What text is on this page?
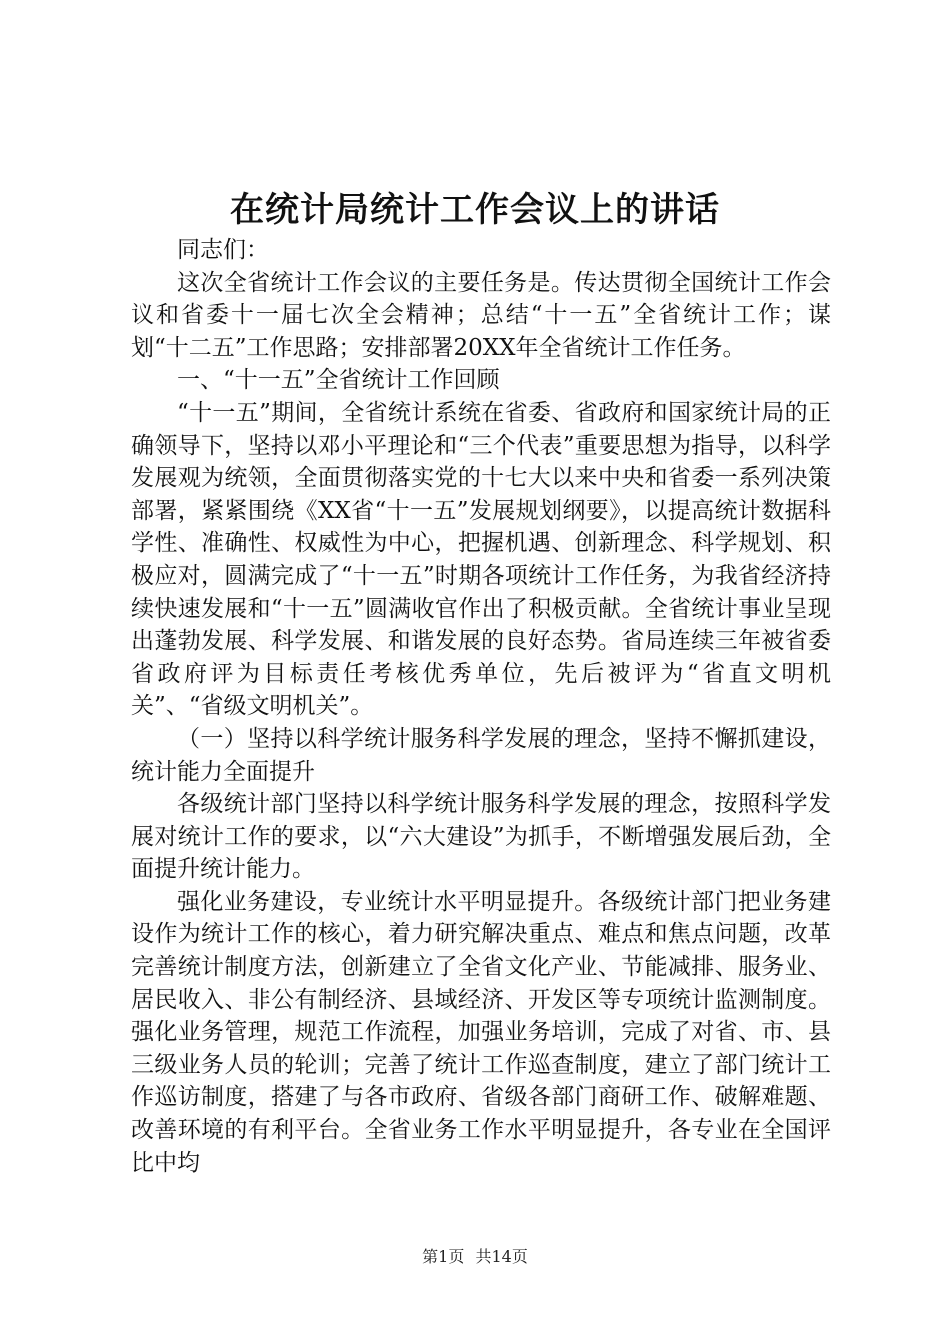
在统计局统计工作会议上的讲话

同志们：

这次全省统计工作会议的主要任务是。传达贯彻全国统计工作会议和省委十一届七次全会精神；总结“十一五”全省统计工作；谋划“十二五”工作思路；安排部署20XX年全省统计工作任务。

一、“十一五”全省统计工作回顾

“十一五”期间，全省统计系统在省委、省政府和国家统计局的正确领导下，坚持以邓小平理论和“三个代表”重要思想为指导，以科学发展观为统领，全面贯彻落实党的十七大以来中央和省委一系列决策部署，紧紧围绕《XX省“十一五”发展规划纲要》，以提高统计数据科学性、准确性、权威性为中心，把握机遇、创新理念、科学规划、积极应对，圆满完成了“十一五”时期各项统计工作任务，为我省经济持续快速发展和“十一五”圆满收官作出了积极贡献。全省统计事业呈现出蓬勃发展、科学发展、和谐发展的良好态势。省局连续三年被省委省政府评为目标责任考核优秀单位，先后被评为“省直文明机关”、“省级文明机关”。

（一）坚持以科学统计服务科学发展的理念，坚持不懈抓建设，统计能力全面提升

各级统计部门坚持以科学统计服务科学发展的理念，按照科学发展对统计工作的要求，以“六大建设”为抓手，不断增强发展后劲，全面提升统计能力。

强化业务建设，专业统计水平明显提升。各级统计部门把业务建设作为统计工作的核心，着力研究解决重点、难点和焦点问题，改革完善统计制度方法，创新建立了全省文化产业、节能减排、服务业、居民收入、非公有制经济、县域经济、开发区等专项统计监测制度。强化业务管理，规范工作流程，加强业务培训，完成了对省、市、县三级业务人员的轮训；完善了统计工作巡查制度，建立了部门统计工作巡访制度，搭建了与各市政府、省级各部门商研工作、破解难题、改善环境的有利平台。全省业务工作水平明显提升，各专业在全国评比中均

第1页 共14页
